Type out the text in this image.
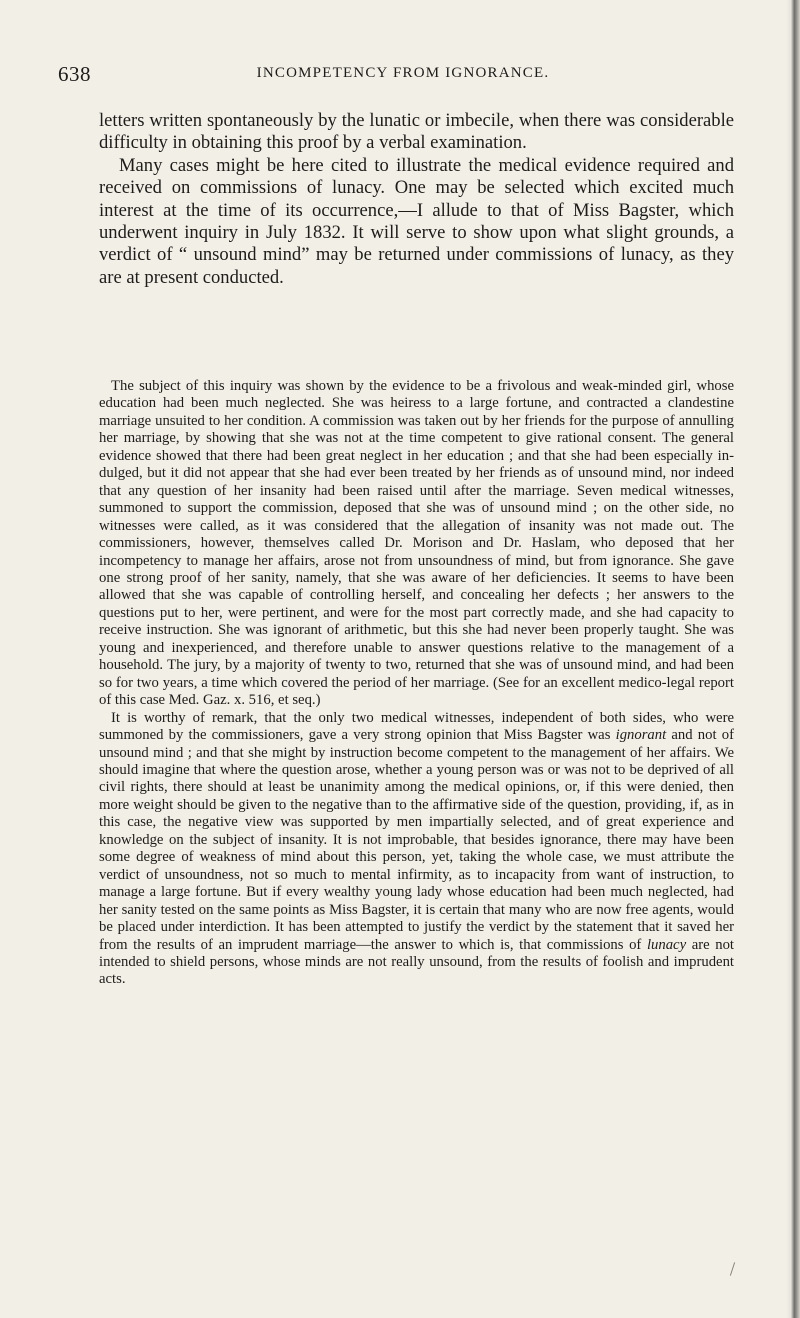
638	INCOMPETENCY FROM IGNORANCE.

letters written spontaneously by the lunatic or imbecile, when there was considerable difficulty in obtaining this proof by a verbal examination.

Many cases might be here cited to illustrate the medical evidence required and received on commissions of lunacy. One may be selected which excited much interest at the time of its occurrence,—I allude to that of Miss Bagster, which underwent inquiry in July 1832. It will serve to show upon what slight grounds, a verdict of “ unsound mind” may be returned under commissions of lunacy, as they are at present conducted.

The subject of this inquiry was shown by the evidence to be a frivolous and weak-minded girl, whose education had been much neglected. She was heiress to a large fortune, and contracted a clandestine marriage unsuited to her condition. A commission was taken out by her friends for the purpose of annulling her marriage, by showing that she was not at the time competent to give rational consent. The general evidence showed that there had been great neglect in her education ; and that she had been especially indulged, but it did not appear that she had ever been treated by her friends as of unsound mind, nor indeed that any question of her insanity had been raised until after the marriage. Seven medical witnesses, summoned to support the commission, deposed that she was of unsound mind ; on the other side, no witnesses were called, as it was considered that the allegation of insanity was not made out. The commissioners, however, themselves called Dr. Morison and Dr. Haslam, who deposed that her incompetency to manage her affairs, arose not from unsoundness of mind, but from ignorance. She gave one strong proof of her sanity, namely, that she was aware of her deficiencies. It seems to have been allowed that she was capable of controlling herself, and concealing her defects ; her answers to the questions put to her, were pertinent, and were for the most part correctly made, and she had capacity to receive instruction. She was ignorant of arithmetic, but this she had never been properly taught. She was young and inexperienced, and therefore unable to answer questions relative to the management of a household. The jury, by a majority of twenty to two, returned that she was of unsound mind, and had been so for two years, a time which covered the period of her marriage. (See for an excellent medico-legal report of this case Med. Gaz. x. 516, et seq.)

It is worthy of remark, that the only two medical witnesses, independent of both sides, who were summoned by the commissioners, gave a very strong opinion that Miss Bagster was ignorant and not of unsound mind ; and that she might by instruction become competent to the management of her affairs. We should imagine that where the question arose, whether a young person was or was not to be deprived of all civil rights, there should at least be unanimity among the medical opinions, or, if this were denied, then more weight should be given to the negative than to the affirmative side of the question, providing, if, as in this case, the negative view was supported by men impartially selected, and of great experience and knowledge on the subject of insanity. It is not improbable, that besides ignorance, there may have been some degree of weakness of mind about this person, yet, taking the whole case, we must attribute the verdict of unsoundness, not so much to mental infirmity, as to incapacity from want of instruction, to manage a large fortune. But if every wealthy young lady whose education had been much neglected, had her sanity tested on the same points as Miss Bagster, it is certain that many who are now free agents, would be placed under interdiction. It has been attempted to justify the verdict by the statement that it saved her from the results of an imprudent marriage—the answer to which is, that commissions of lunacy are not intended to shield persons, whose minds are not really unsound, from the results of foolish and imprudent acts.
